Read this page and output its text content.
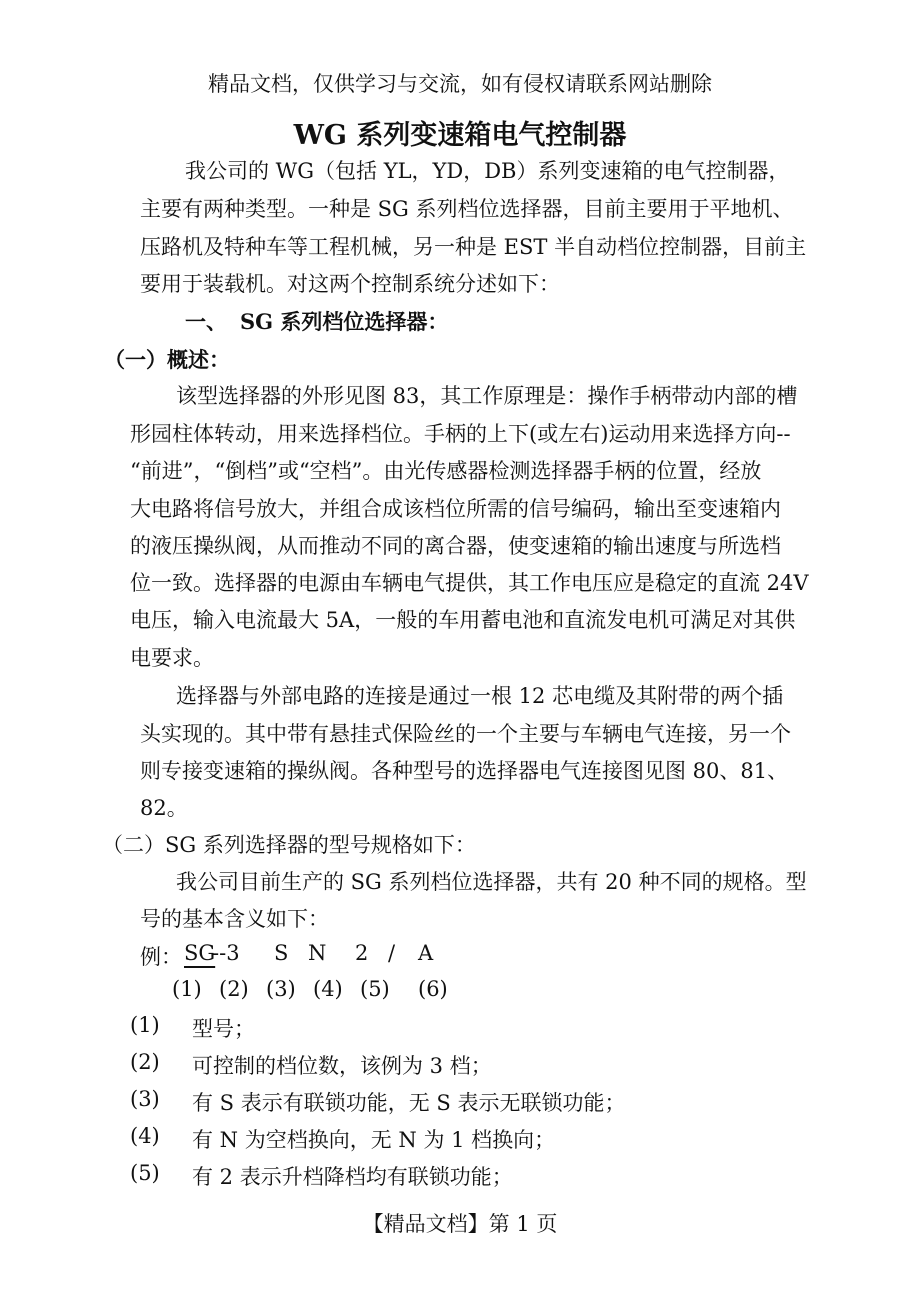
精品文档，仅供学习与交流，如有侵权请联系网站删除
WG 系列变速箱电气控制器
我公司的 WG（包括 YL，YD，DB）系列变速箱的电气控制器，
主要有两种类型。一种是 SG 系列档位选择器，目前主要用于平地机、
压路机及特种车等工程机械，另一种是 EST 半自动档位控制器，目前主
要用于装载机。对这两个控制系统分述如下：
一、 SG 系列档位选择器：
（一）概述：
该型选择器的外形见图 83，其工作原理是：操作手柄带动内部的槽
形园柱体转动，用来选择档位。手柄的上下(或左右)运动用来选择方向--
“前进”，“倒档”或“空档”。由光传感器检测选择器手柄的位置，经放
大电路将信号放大，并组合成该档位所需的信号编码，输出至变速箱内
的液压操纵阀，从而推动不同的离合器，使变速箱的输出速度与所选档
位一致。选择器的电源由车辆电气提供，其工作电压应是稳定的直流 24V
电压，输入电流最大 5A，一般的车用蓄电池和直流发电机可满足对其供
电要求。
选择器与外部电路的连接是通过一根 12 芯电缆及其附带的两个插
头实现的。其中带有悬挂式保险丝的一个主要与车辆电气连接，另一个
则专接变速箱的操纵阀。各种型号的选择器电气连接图见图 80、81、
82。
（二）SG 系列选择器的型号规格如下：
我公司目前生产的 SG 系列档位选择器，共有 20 种不同的规格。型
号的基本含义如下：
例： SG
--3 S N 2 / A
(1) (2) (3) (4) (5) (6)
(1) 型号；
(2) 可控制的档位数，该例为 3 档；
(3) 有 S 表示有联锁功能，无 S 表示无联锁功能；
(4) 有 N 为空档换向，无 N 为 1 档换向；
(5) 有 2 表示升档降档均有联锁功能；
【精品文档】第 1 页
